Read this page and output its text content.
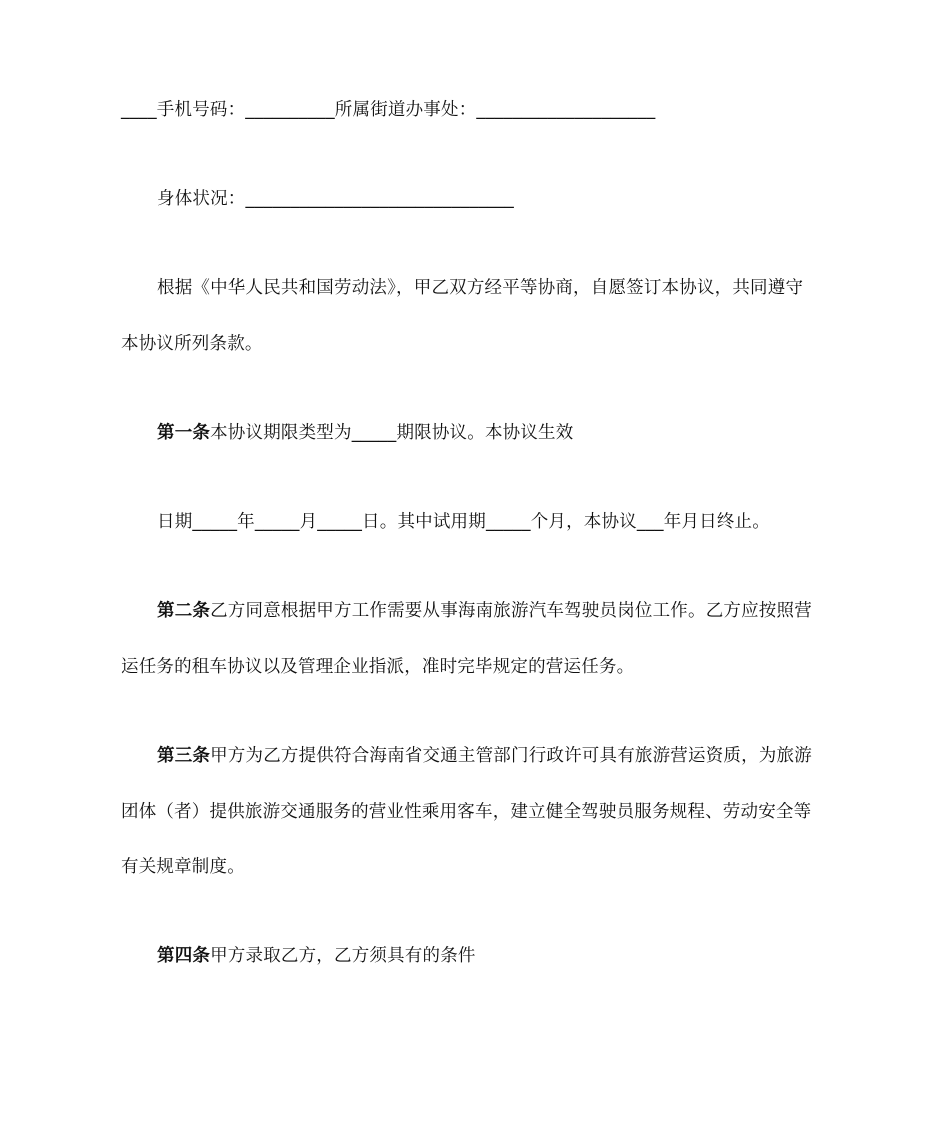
____手机号码：__________所属街道办事处：____________________
身体状况：______________________________
根据《中华人民共和国劳动法》，甲乙双方经平等协商，自愿签订本协议，共同遵守
本协议所列条款。
第一条本协议期限类型为_____期限协议。本协议生效
日期_____年_____月_____日。其中试用期_____个月，本协议___年月日终止。
第二条乙方同意根据甲方工作需要从事海南旅游汽车驾驶员岗位工作。乙方应按照营
运任务的租车协议以及管理企业指派，准时完毕规定的营运任务。
第三条甲方为乙方提供符合海南省交通主管部门行政许可具有旅游营运资质，为旅游
团体（者）提供旅游交通服务的营业性乘用客车，建立健全驾驶员服务规程、劳动安全等
有关规章制度。
第四条甲方录取乙方，乙方须具有的条件
